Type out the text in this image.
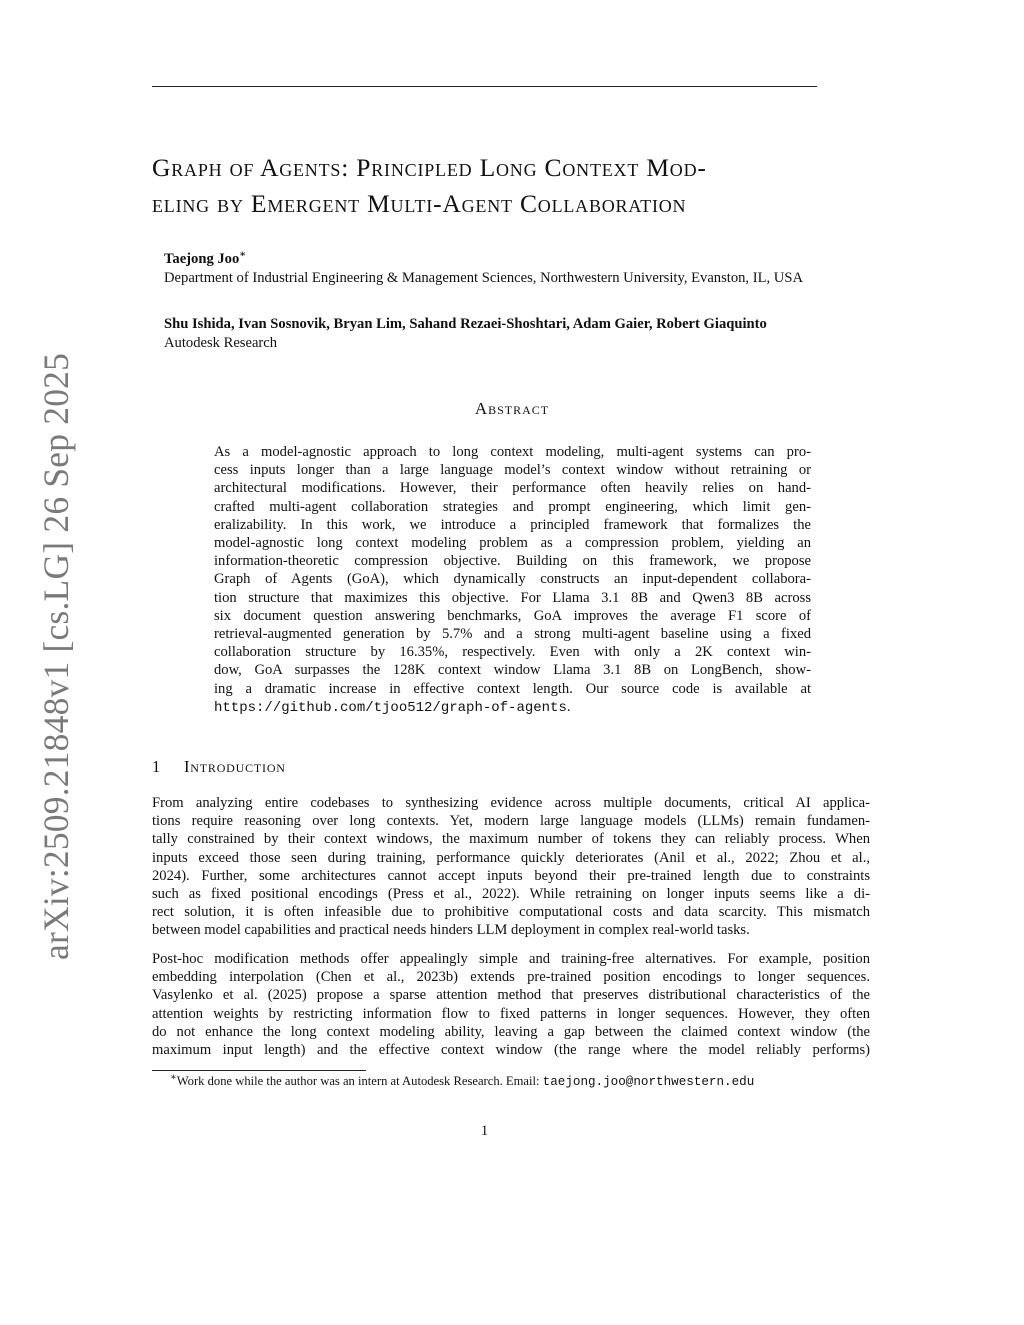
arXiv:2509.21848v1 [cs.LG] 26 Sep 2025
Graph of Agents: Principled Long Context Mod-
eling by Emergent Multi-Agent Collaboration
Taejong Joo∗
Department of Industrial Engineering & Management Sciences, Northwestern University, Evanston, IL, USA
Shu Ishida, Ivan Sosnovik, Bryan Lim, Sahand Rezaei-Shoshtari, Adam Gaier, Robert Giaquinto
Autodesk Research
Abstract
As a model-agnostic approach to long context modeling, multi-agent systems can pro-
cess inputs longer than a large language model’s context window without retraining or
architectural modifications. However, their performance often heavily relies on hand-
crafted multi-agent collaboration strategies and prompt engineering, which limit gen-
eralizability. In this work, we introduce a principled framework that formalizes the
model-agnostic long context modeling problem as a compression problem, yielding an
information-theoretic compression objective. Building on this framework, we propose
Graph of Agents (GoA), which dynamically constructs an input-dependent collabora-
tion structure that maximizes this objective. For Llama 3.1 8B and Qwen3 8B across
six document question answering benchmarks, GoA improves the average F1 score of
retrieval-augmented generation by 5.7% and a strong multi-agent baseline using a fixed
collaboration structure by 16.35%, respectively. Even with only a 2K context win-
dow, GoA surpasses the 128K context window Llama 3.1 8B on LongBench, show-
ing a dramatic increase in effective context length. Our source code is available at
https://github.com/tjoo512/graph-of-agents.
1 Introduction
From analyzing entire codebases to synthesizing evidence across multiple documents, critical AI applica-
tions require reasoning over long contexts. Yet, modern large language models (LLMs) remain fundamen-
tally constrained by their context windows, the maximum number of tokens they can reliably process. When
inputs exceed those seen during training, performance quickly deteriorates (Anil et al., 2022; Zhou et al.,
2024). Further, some architectures cannot accept inputs beyond their pre-trained length due to constraints
such as fixed positional encodings (Press et al., 2022). While retraining on longer inputs seems like a di-
rect solution, it is often infeasible due to prohibitive computational costs and data scarcity. This mismatch
between model capabilities and practical needs hinders LLM deployment in complex real-world tasks.
Post-hoc modification methods offer appealingly simple and training-free alternatives. For example, position
embedding interpolation (Chen et al., 2023b) extends pre-trained position encodings to longer sequences.
Vasylenko et al. (2025) propose a sparse attention method that preserves distributional characteristics of the
attention weights by restricting information flow to fixed patterns in longer sequences. However, they often
do not enhance the long context modeling ability, leaving a gap between the claimed context window (the
maximum input length) and the effective context window (the range where the model reliably performs)
∗Work done while the author was an intern at Autodesk Research. Email: taejong.joo@northwestern.edu
1
